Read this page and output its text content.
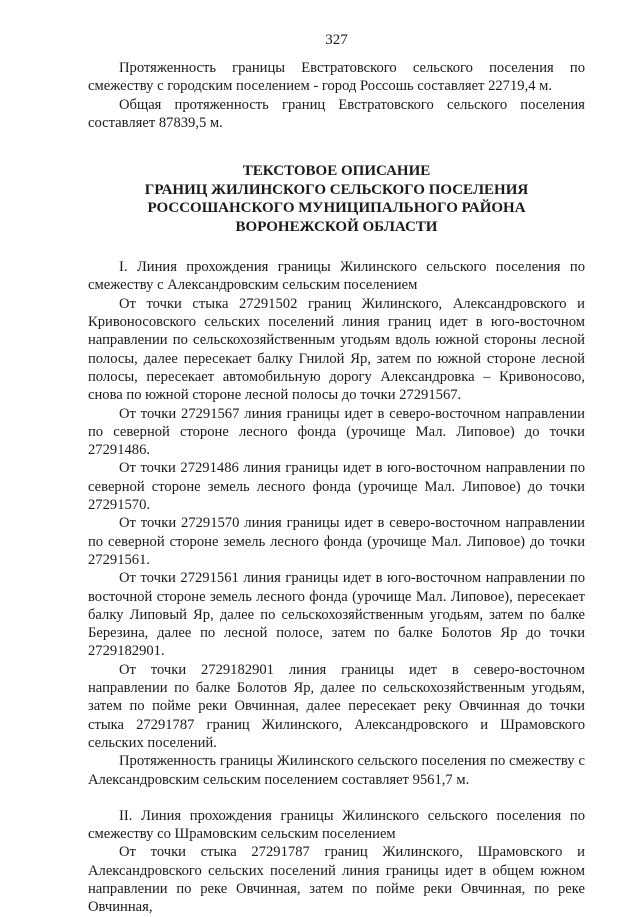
327

Протяженность границы Евстратовского сельского поселения по смежеству с городским поселением - город Россошь составляет 22719,4 м.

Общая протяженность границ Евстратовского сельского поселения составляет 87839,5 м.

ТЕКСТОВОЕ ОПИСАНИЕ
ГРАНИЦ ЖИЛИНСКОГО СЕЛЬСКОГО ПОСЕЛЕНИЯ
РОССОШАНСКОГО МУНИЦИПАЛЬНОГО РАЙОНА
ВОРОНЕЖСКОЙ ОБЛАСТИ

I. Линия прохождения границы Жилинского сельского поселения по смежеству с Александровским сельским поселением

От точки стыка 27291502 границ Жилинского, Александровского и Кривоносовского сельских поселений линия границ идет в юго-восточном направлении по сельскохозяйственным угодьям вдоль южной стороны лесной полосы, далее пересекает балку Гнилой Яр, затем по южной стороне лесной полосы, пересекает автомобильную дорогу Александровка – Кривоносово, снова по южной стороне лесной полосы до точки 27291567.

От точки 27291567 линия границы идет в северо-восточном направлении по северной стороне лесного фонда (урочище Мал. Липовое) до точки 27291486.

От точки 27291486 линия границы идет в юго-восточном направлении по северной стороне земель лесного фонда (урочище Мал. Липовое) до точки 27291570.

От точки 27291570 линия границы идет в северо-восточном направлении по северной стороне земель лесного фонда (урочище Мал. Липовое) до точки 27291561.

От точки 27291561 линия границы идет в юго-восточном направлении по восточной стороне земель лесного фонда (урочище Мал. Липовое), пересекает балку Липовый Яр, далее по сельскохозяйственным угодьям, затем по балке Березина, далее по лесной полосе, затем по балке Болотов Яр до точки 2729182901.

От точки 2729182901 линия границы идет в северо-восточном направлении по балке Болотов Яр, далее по сельскохозяйственным угодьям, затем по пойме реки Овчинная, далее пересекает реку Овчинная до точки стыка 27291787 границ Жилинского, Александровского и Шрамовского сельских поселений.

Протяженность границы Жилинского сельского поселения по смежеству с Александровским сельским поселением составляет 9561,7 м.

II. Линия прохождения границы Жилинского сельского поселения по смежеству со Шрамовским сельским поселением

От точки стыка 27291787 границ Жилинского, Шрамовского и Александровского сельских поселений линия границы идет в общем южном направлении по реке Овчинная, затем по пойме реки Овчинная, по реке Овчинная,
